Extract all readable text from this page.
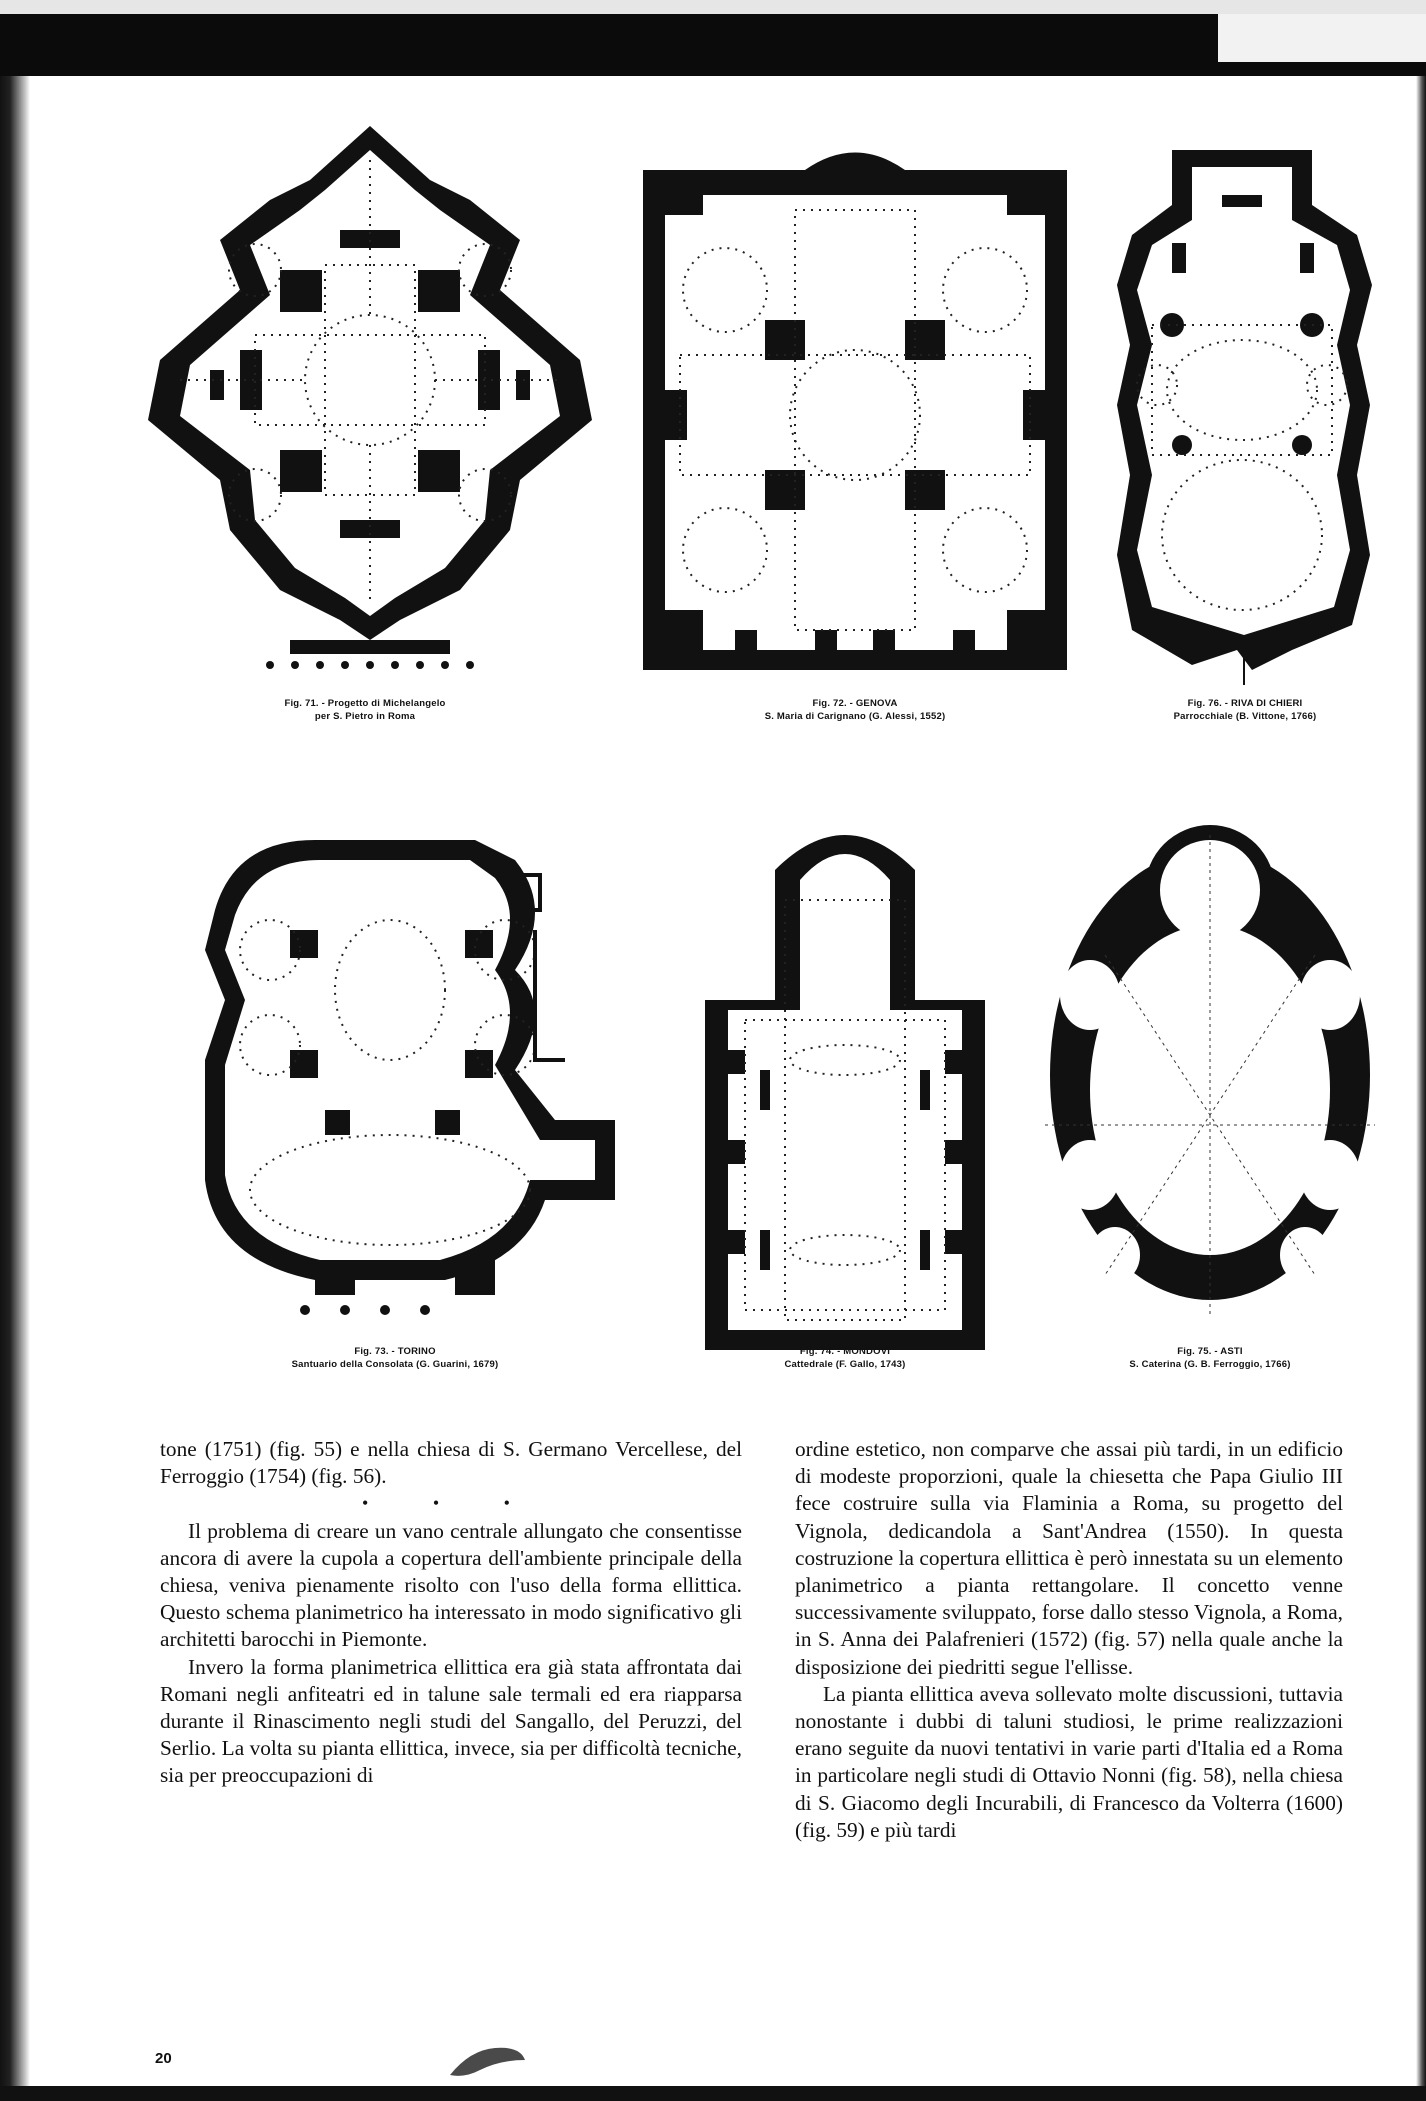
Fig. 71. - Progetto di Michelangelo
per S. Pietro in Roma
Fig. 72. - GENOVA
S. Maria di Carignano (G. Alessi, 1552)
Fig. 76. - RIVA DI CHIERI
Parrocchiale (B. Vittone, 1766)
Fig. 73. - TORINO
Santuario della Consolata (G. Guarini, 1679)
Fig. 74. - MONDOVÌ
Cattedrale (F. Gallo, 1743)
Fig. 75. - ASTI
S. Caterina (G. B. Ferroggio, 1766)

tone (1751) (fig. 55) e nella chiesa di S. Germano Vercellese, del Ferroggio (1754) (fig. 56).

• • •

Il problema di creare un vano centrale allungato che consentisse ancora di avere la cupola a copertura dell'ambiente principale della chiesa, veniva pienamente risolto con l'uso della forma ellittica. Questo schema planimetrico ha interessato in modo significativo gli architetti barocchi in Piemonte.

Invero la forma planimetrica ellittica era già stata affrontata dai Romani negli anfiteatri ed in talune sale termali ed era riapparsa durante il Rinascimento negli studi del Sangallo, del Peruzzi, del Serlio. La volta su pianta ellittica, invece, sia per difficoltà tecniche, sia per preoccupazioni di

ordine estetico, non comparve che assai più tardi, in un edificio di modeste proporzioni, quale la chiesetta che Papa Giulio III fece costruire sulla via Flaminia a Roma, su progetto del Vignola, dedicandola a Sant'Andrea (1550). In questa costruzione la copertura ellittica è però innestata su un elemento planimetrico a pianta rettangolare. Il concetto venne successivamente sviluppato, forse dallo stesso Vignola, a Roma, in S. Anna dei Palafrenieri (1572) (fig. 57) nella quale anche la disposizione dei piedritti segue l'ellisse.

La pianta ellittica aveva sollevato molte discussioni, tuttavia nonostante i dubbi di taluni studiosi, le prime realizzazioni erano seguite da nuovi tentativi in varie parti d'Italia ed a Roma in particolare negli studi di Ottavio Nonni (fig. 58), nella chiesa di S. Giacomo degli Incurabili, di Francesco da Volterra (1600) (fig. 59) e più tardi

20
